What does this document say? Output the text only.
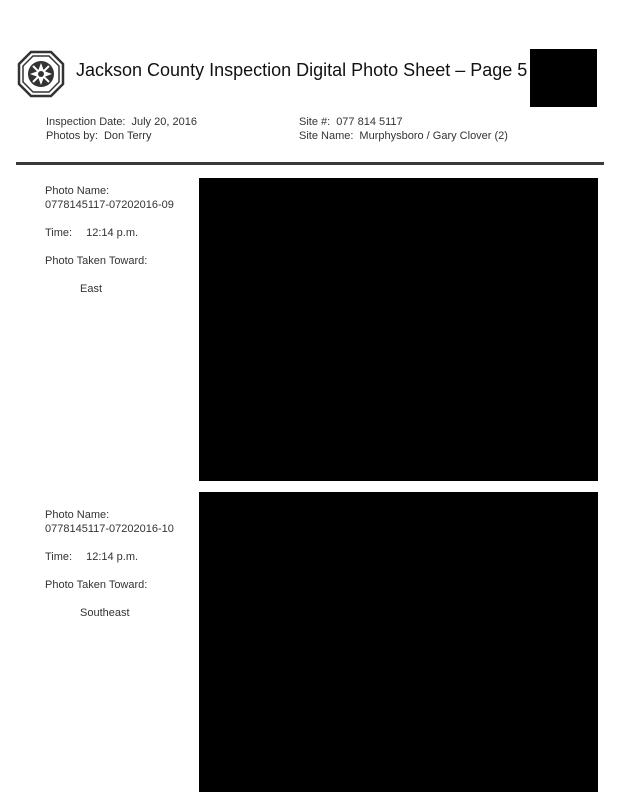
Jackson County Inspection Digital Photo Sheet – Page 5
Inspection Date: July 20, 2016
Photos by: Don Terry
Site #: 077 814 5117
Site Name: Murphysboro / Gary Clover (2)
Photo Name:
0778145117-07202016-09
Time: 12:14 p.m.
Photo Taken Toward:
East
Photo Name:
0778145117-07202016-10
Time: 12:14 p.m.
Photo Taken Toward:
Southeast
